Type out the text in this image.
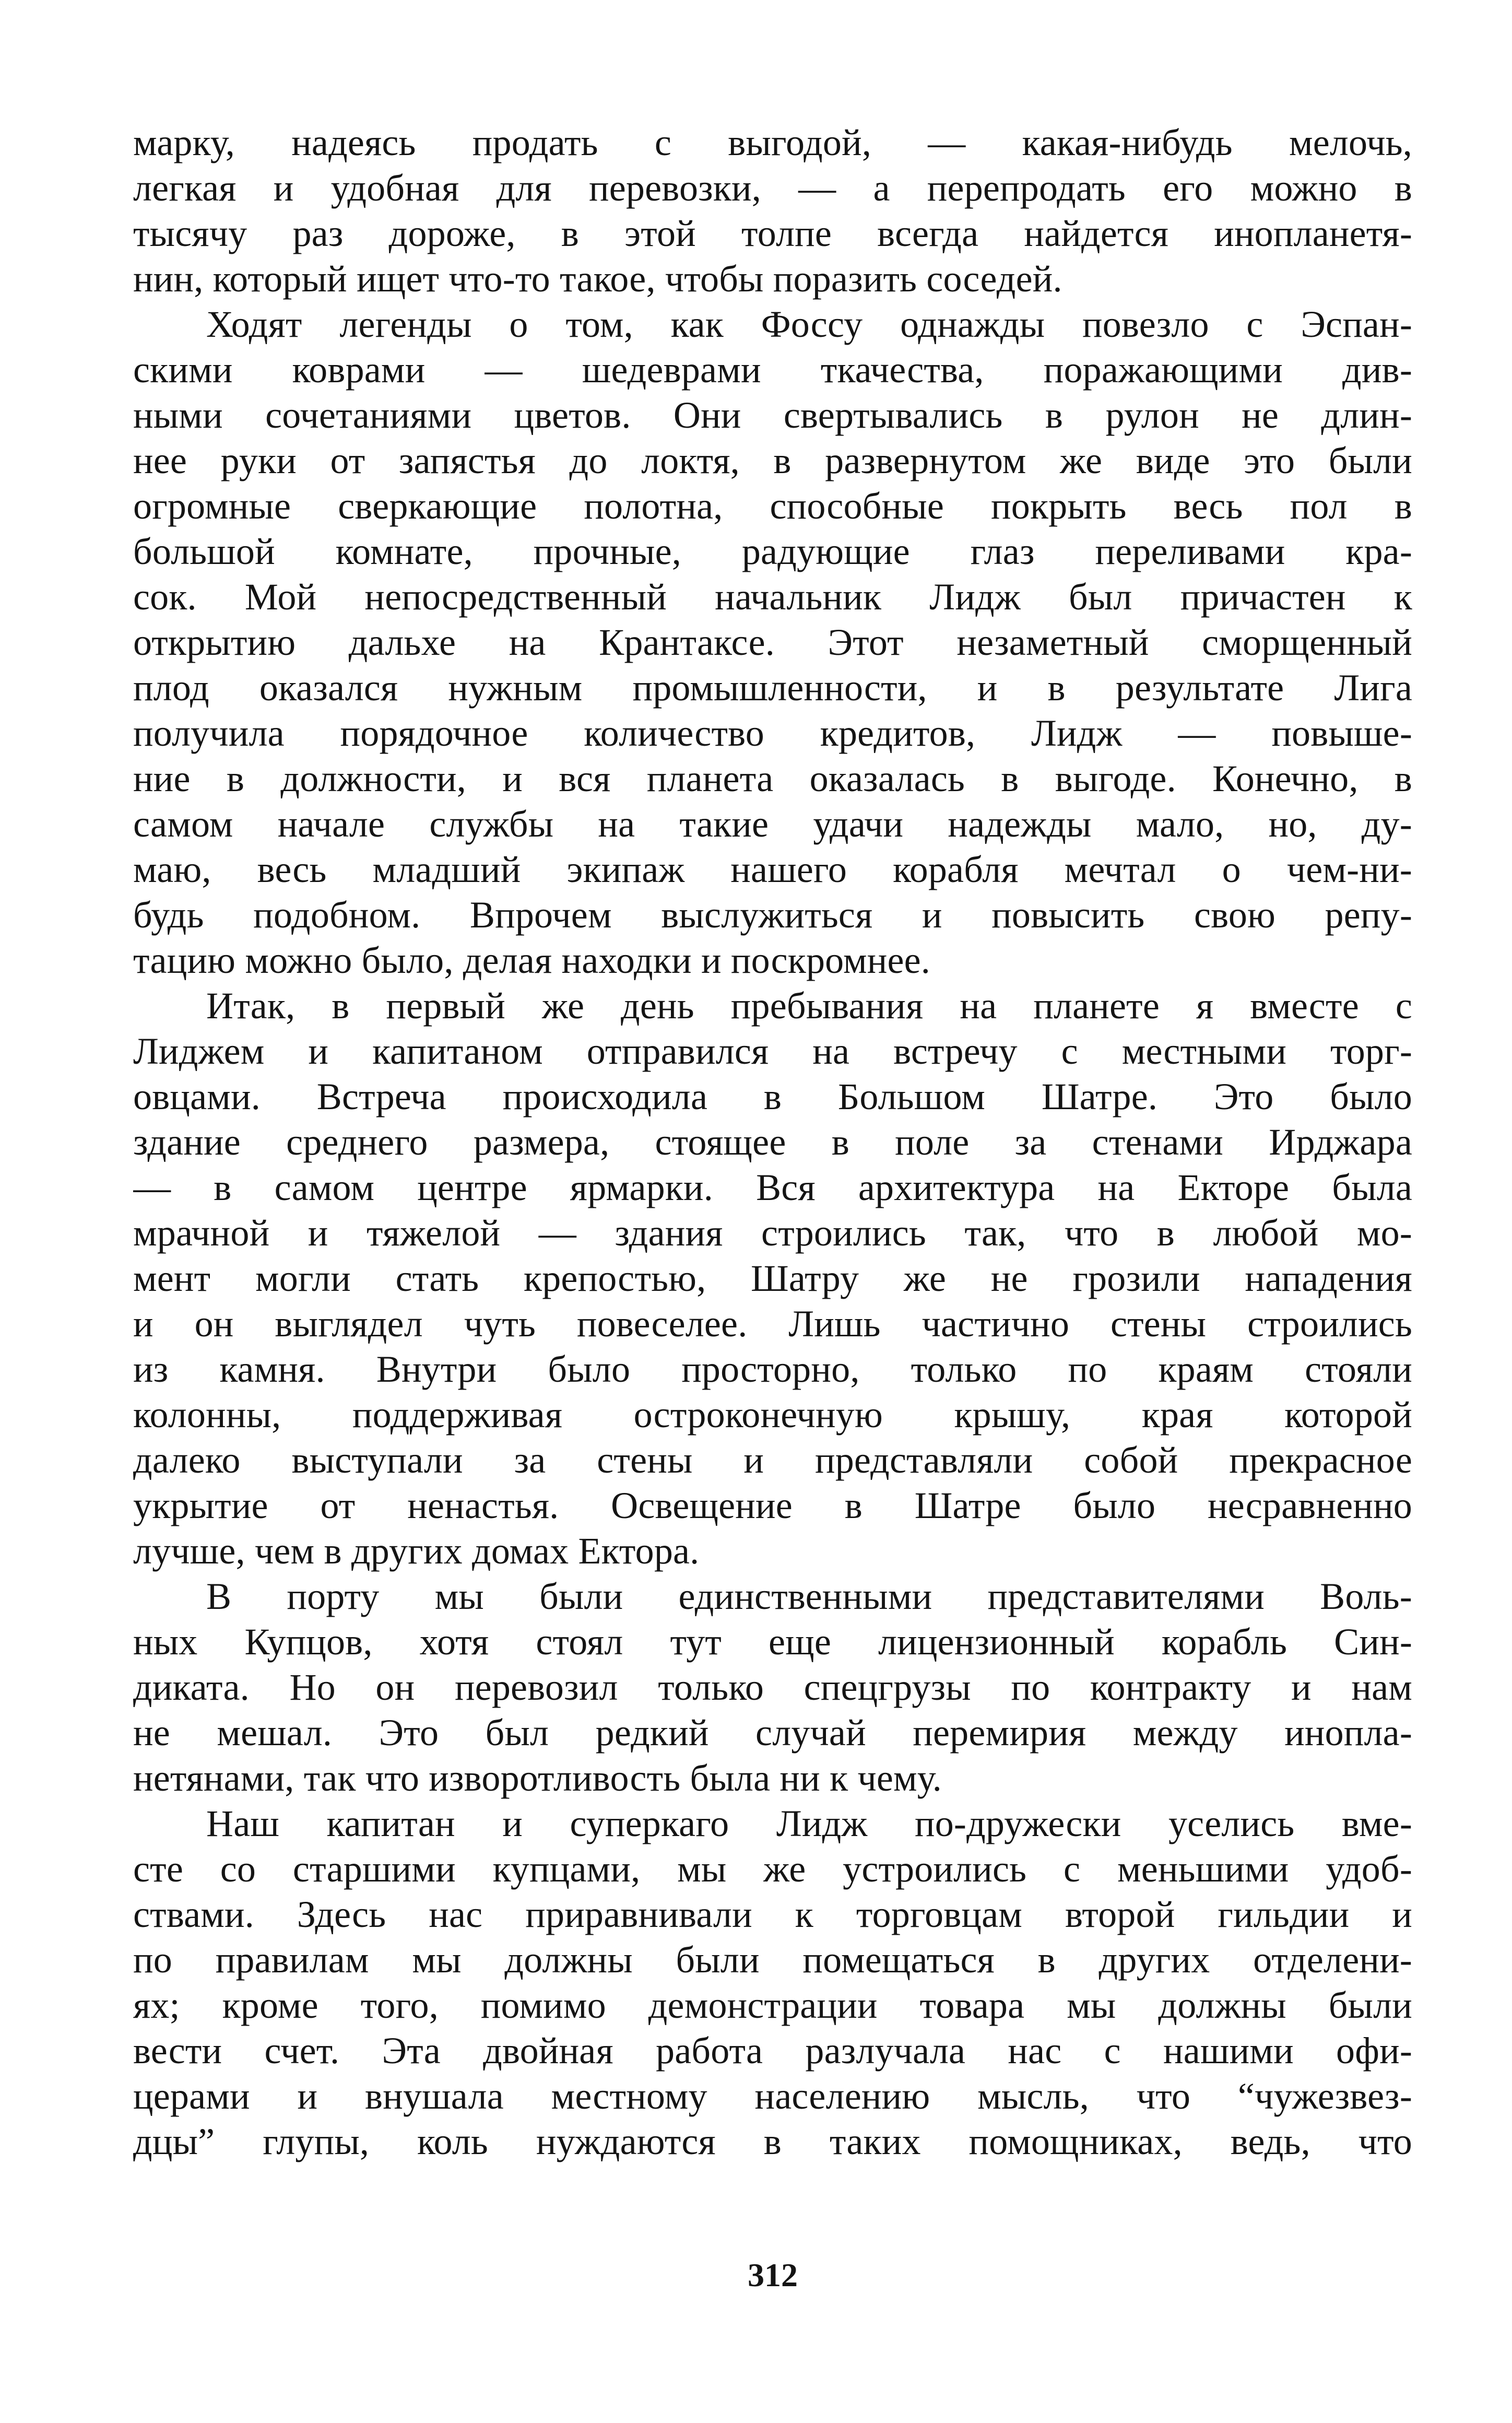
марку, надеясь продать с выгодой, — какая-нибудь мелочь,
легкая и удобная для перевозки, — а перепродать его можно в
тысячу раз дороже, в этой толпе всегда найдется инопланетя-
нин, который ищет что-то такое, чтобы поразить соседей.
Ходят легенды о том, как Фоссу однажды повезло с Эспан-
скими коврами — шедеврами ткачества, поражающими див-
ными сочетаниями цветов. Они свертывались в рулон не длин-
нее руки от запястья до локтя, в развернутом же виде это были
огромные сверкающие полотна, способные покрыть весь пол в
большой комнате, прочные, радующие глаз переливами кра-
сок. Мой непосредственный начальник Лидж был причастен к
открытию дальхе на Крантаксе. Этот незаметный сморщенный
плод оказался нужным промышленности, и в результате Лига
получила порядочное количество кредитов, Лидж — повыше-
ние в должности, и вся планета оказалась в выгоде. Конечно, в
самом начале службы на такие удачи надежды мало, но, ду-
маю, весь младший экипаж нашего корабля мечтал о чем-ни-
будь подобном. Впрочем выслужиться и повысить свою репу-
тацию можно было, делая находки и поскромнее.
Итак, в первый же день пребывания на планете я вместе с
Лиджем и капитаном отправился на встречу с местными торг-
овцами. Встреча происходила в Большом Шатре. Это было
здание среднего размера, стоящее в поле за стенами Ирджара
— в самом центре ярмарки. Вся архитектура на Екторе была
мрачной и тяжелой — здания строились так, что в любой мо-
мент могли стать крепостью, Шатру же не грозили нападения
и он выглядел чуть повеселее. Лишь частично стены строились
из камня. Внутри было просторно, только по краям стояли
колонны, поддерживая остроконечную крышу, края которой
далеко выступали за стены и представляли собой прекрасное
укрытие от ненастья. Освещение в Шатре было несравненно
лучше, чем в других домах Ектора.
В порту мы были единственными представителями Воль-
ных Купцов, хотя стоял тут еще лицензионный корабль Син-
диката. Но он перевозил только спецгрузы по контракту и нам
не мешал. Это был редкий случай перемирия между инопла-
нетянами, так что изворотливость была ни к чему.
Наш капитан и суперкаго Лидж по-дружески уселись вме-
сте со старшими купцами, мы же устроились с меньшими удоб-
ствами. Здесь нас приравнивали к торговцам второй гильдии и
по правилам мы должны были помещаться в других отделени-
ях; кроме того, помимо демонстрации товара мы должны были
вести счет. Эта двойная работа разлучала нас с нашими офи-
церами и внушала местному населению мысль, что “чужезвез-
дцы” глупы, коль нуждаются в таких помощниках, ведь, что
312
